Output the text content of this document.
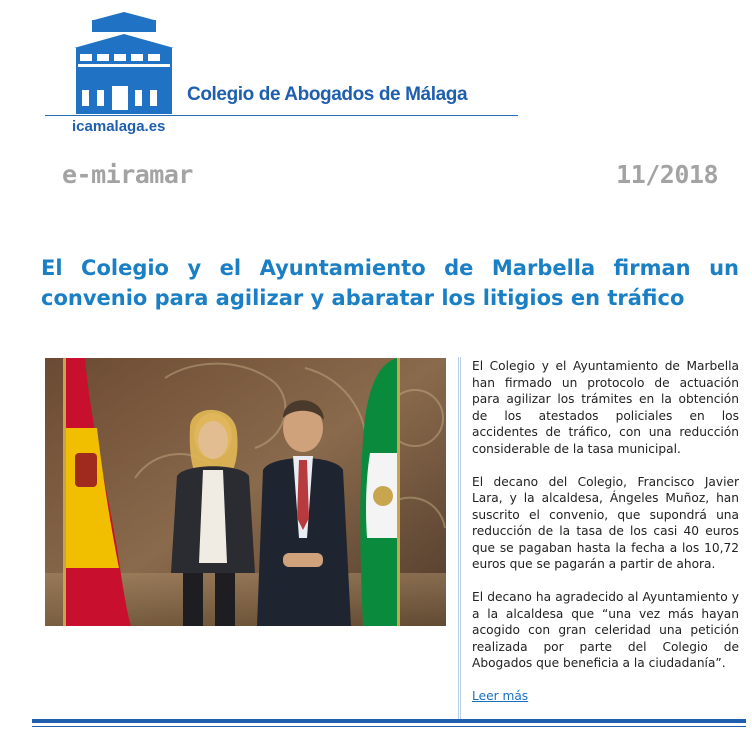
Colegio de Abogados de Málaga
icamalaga.es
e-miramar	11/2018
El Colegio y el Ayuntamiento de Marbella firman un convenio para agilizar y abaratar los litigios en tráfico

El Colegio y el Ayuntamiento de Marbella han firmado un protocolo de actuación para agilizar los trámites en la obtención de los atestados policiales en los accidentes de tráfico, con una reducción considerable de la tasa municipal.

El decano del Colegio, Francisco Javier Lara, y la alcaldesa, Ángeles Muñoz, han suscrito el convenio, que supondrá una reducción de la tasa de los casi 40 euros que se pagaban hasta la fecha a los 10,72 euros que se pagarán a partir de ahora.

El decano ha agradecido al Ayuntamiento y a la alcaldesa que “una vez más hayan acogido con gran celeridad una petición realizada por parte del Colegio de Abogados que beneficia a la ciudadanía”.

Leer más
